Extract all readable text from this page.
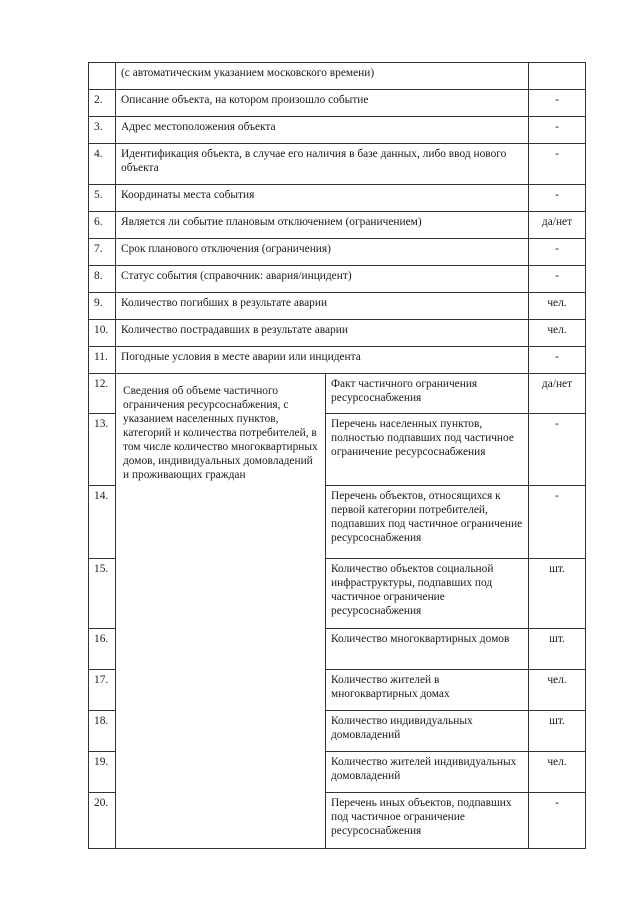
	(с автоматическим указанием московского времени)		
2.	Описание объекта, на котором произошло событие		-
3.	Адрес местоположения объекта		-
4.	Идентификация объекта, в случае его наличия в базе данных, либо ввод нового объекта		-
5.	Координаты места события		-
6.	Является ли событие плановым отключением (ограничением)		да/нет
7.	Срок планового отключения (ограничения)		-
8.	Статус события (справочник: авария/инцидент)		-
9.	Количество погибших в результате аварии		чел.
10.	Количество пострадавших в результате аварии		чел.
11.	Погодные условия в месте аварии или инцидента		-
12.	Сведения об объеме частичного ограничения ресурсоснабжения, с указанием населенных пунктов, категорий и количества потребителей, в том числе количество многоквартирных домов, индивидуальных домовладений и проживающих граждан	Факт частичного ограничения ресурсоснабжения	да/нет
13.		Перечень населенных пунктов, полностью подпавших под частичное ограничение ресурсоснабжения	-
14.		Перечень объектов, относящихся к первой категории потребителей, подпавших под частичное ограничение ресурсоснабжения	-
15.		Количество объектов социальной инфраструктуры, подпавших под частичное ограничение ресурсоснабжения	шт.
16.		Количество многоквартирных домов	шт.
17.		Количество жителей в многоквартирных домах	чел.
18.		Количество индивидуальных домовладений	шт.
19.		Количество жителей индивидуальных домовладений	чел.
20.		Перечень иных объектов, подпавших под частичное ограничение ресурсоснабжения	-
